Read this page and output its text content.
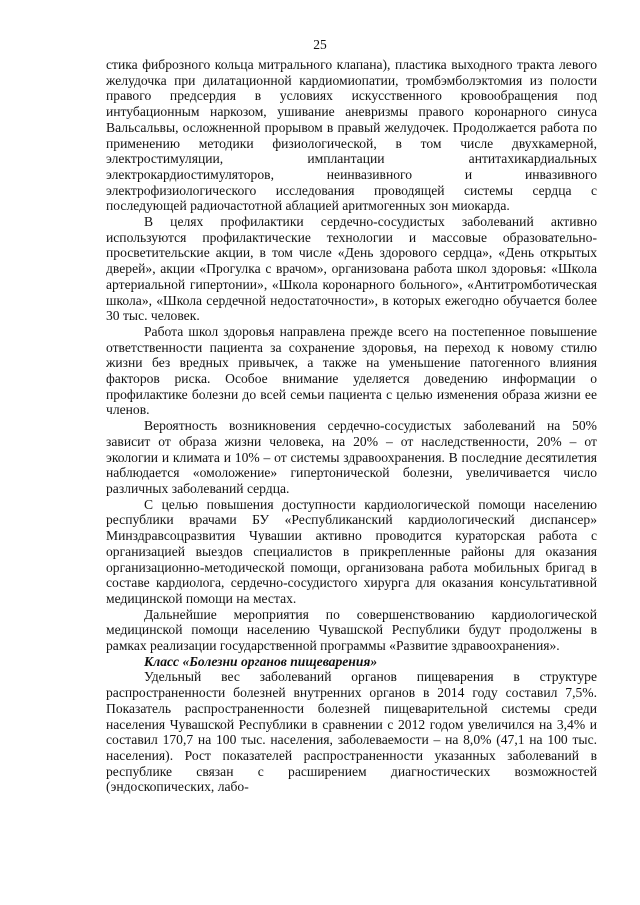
25

стика фиброзного кольца митрального клапана), пластика выходного тракта левого желудочка при дилатационной кардиомиопатии, тромбэмболэктомия из полости правого предсердия в условиях искусственного кровообращения под интубационным наркозом, ушивание аневризмы правого коронарного синуса Вальсальвы, осложненной прорывом в правый желудочек. Продолжается работа по применению методики физиологической, в том числе двухкамерной, электростимуляции, имплантации антитахикардиальных электрокардиостимуляторов, неинвазивного и инвазивного электрофизиологического исследования проводящей системы сердца с последующей радиочастотной аблацией аритмогенных зон миокарда.

В целях профилактики сердечно-сосудистых заболеваний активно используются профилактические технологии и массовые образовательно-просветительские акции, в том числе «День здорового сердца», «День открытых дверей», акции «Прогулка с врачом», организована работа школ здоровья: «Школа артериальной гипертонии», «Школа коронарного больного», «Антитромботическая школа», «Школа сердечной недостаточности», в которых ежегодно обучается более 30 тыс. человек.

Работа школ здоровья направлена прежде всего на постепенное повышение ответственности пациента за сохранение здоровья, на переход к новому стилю жизни без вредных привычек, а также на уменьшение патогенного влияния факторов риска. Особое внимание уделяется доведению информации о профилактике болезни до всей семьи пациента с целью изменения образа жизни ее членов.

Вероятность возникновения сердечно-сосудистых заболеваний на 50% зависит от образа жизни человека, на 20% – от наследственности, 20% – от экологии и климата и 10% – от системы здравоохранения. В последние десятилетия наблюдается «омоложение» гипертонической болезни, увеличивается число различных заболеваний сердца.

С целью повышения доступности кардиологической помощи населению республики врачами БУ «Республиканский кардиологический диспансер» Минздравсоцразвития Чувашии активно проводится кураторская работа с организацией выездов специалистов в прикрепленные районы для оказания организационно-методической помощи, организована работа мобильных бригад в составе кардиолога, сердечно-сосудистого хирурга для оказания консультативной медицинской помощи на местах.

Дальнейшие мероприятия по совершенствованию кардиологической медицинской помощи населению Чувашской Республики будут продолжены в рамках реализации государственной программы «Развитие здравоохранения».

Класс «Болезни органов пищеварения»

Удельный вес заболеваний органов пищеварения в структуре распространенности болезней внутренних органов в 2014 году составил 7,5%. Показатель распространенности болезней пищеварительной системы среди населения Чувашской Республики в сравнении с 2012 годом увеличился на 3,4% и составил 170,7 на 100 тыс. населения, заболеваемости – на 8,0% (47,1 на 100 тыс. населения). Рост показателей распространенности указанных заболеваний в республике связан с расширением диагностических возможностей (эндоскопических, лабо-
